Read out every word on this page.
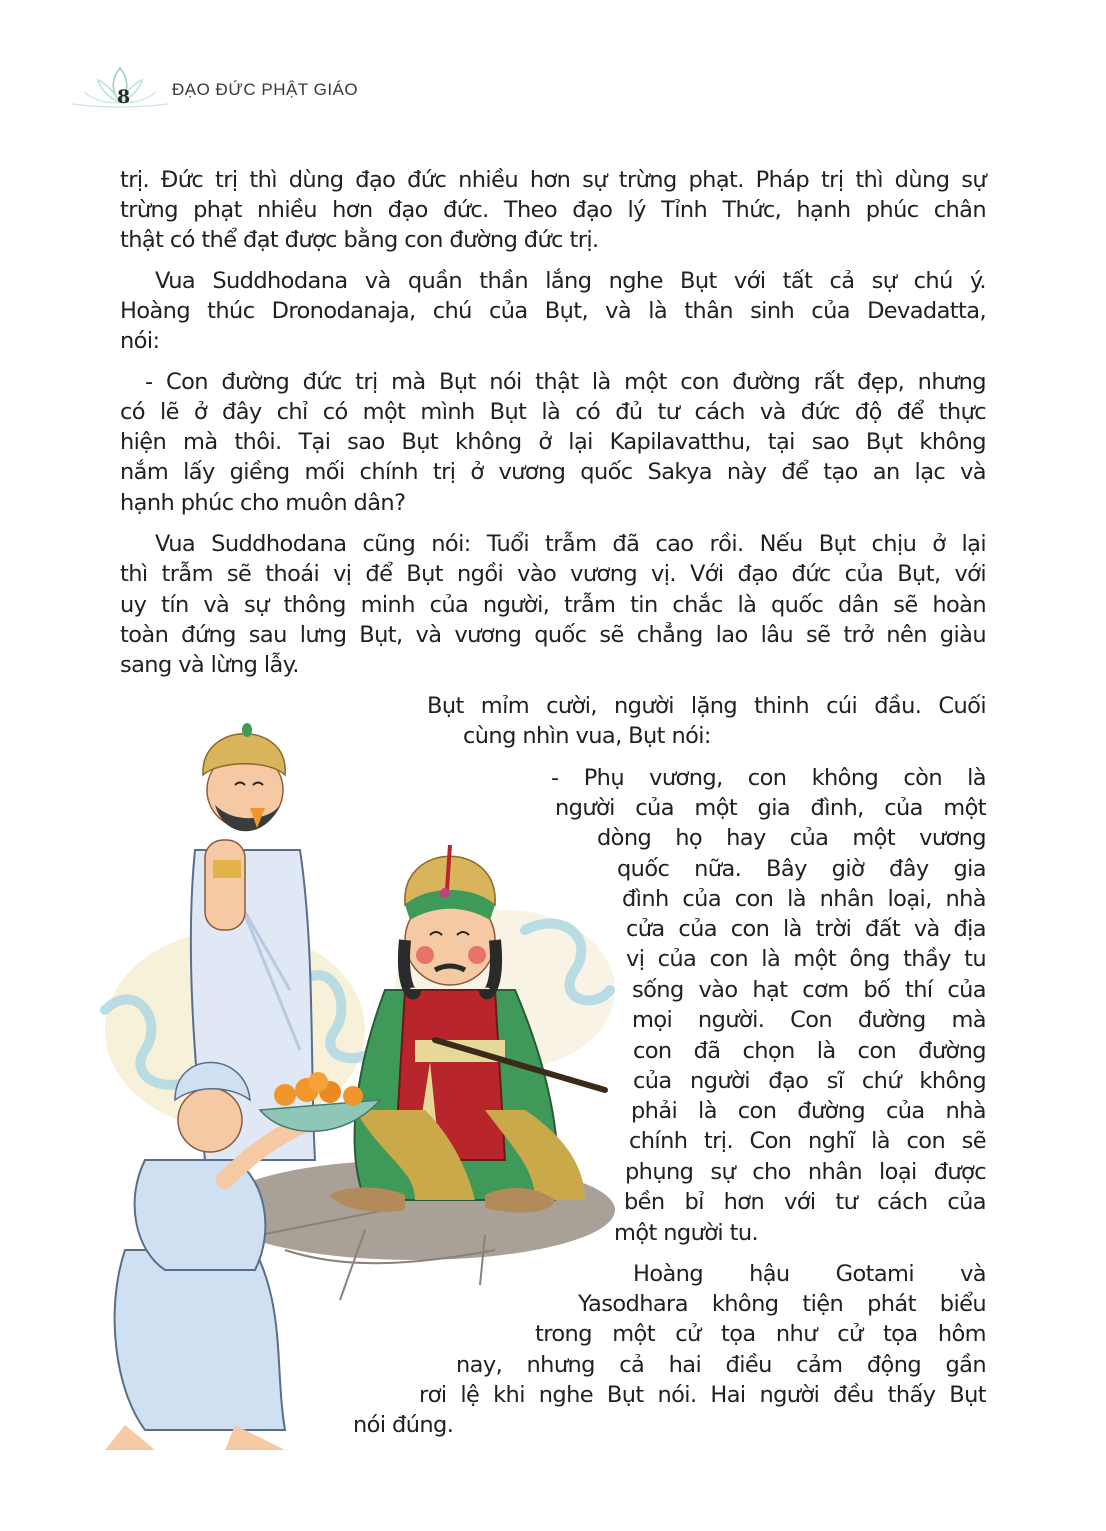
8 ĐẠO ĐỨC PHẬT GIÁO
trị. Đức trị thì dùng đạo đức nhiều hơn sự trừng phạt. Pháp trị thì dùng sự
trừng phạt nhiều hơn đạo đức. Theo đạo lý Tỉnh Thức, hạnh phúc chân
thật có thể đạt được bằng con đường đức trị.
Vua Suddhodana và quần thần lắng nghe Bụt với tất cả sự chú ý.
Hoàng thúc Dronodanaja, chú của Bụt, và là thân sinh của Devadatta,
nói:
- Con đường đức trị mà Bụt nói thật là một con đường rất đẹp, nhưng
có lẽ ở đây chỉ có một mình Bụt là có đủ tư cách và đức độ để thực
hiện mà thôi. Tại sao Bụt không ở lại Kapilavatthu, tại sao Bụt không
nắm lấy giềng mối chính trị ở vương quốc Sakya này để tạo an lạc và
hạnh phúc cho muôn dân?
Vua Suddhodana cũng nói: Tuổi trẫm đã cao rồi. Nếu Bụt chịu ở lại
thì trẫm sẽ thoái vị để Bụt ngồi vào vương vị. Với đạo đức của Bụt, với
uy tín và sự thông minh của người, trẫm tin chắc là quốc dân sẽ hoàn
toàn đứng sau lưng Bụt, và vương quốc sẽ chẳng lao lâu sẽ trở nên giàu
sang và lừng lẫy.
Bụt mỉm cười, người lặng thinh cúi đầu. Cuối
cùng nhìn vua, Bụt nói:
- Phụ vương, con không còn là
người của một gia đình, của một
dòng họ hay của một vương
quốc nữa. Bây giờ đây gia
đình của con là nhân loại, nhà
cửa của con là trời đất và địa
vị của con là một ông thầy tu
sống vào hạt cơm bố thí của
mọi người. Con đường mà
con đã chọn là con đường
của người đạo sĩ chứ không
phải là con đường của nhà
chính trị. Con nghĩ là con sẽ
phụng sự cho nhân loại được
bền bỉ hơn với tư cách của
một người tu.
Hoàng hậu Gotami và
Yasodhara không tiện phát biểu
trong một cử tọa như cử tọa hôm
nay, nhưng cả hai điều cảm động gần
rơi lệ khi nghe Bụt nói. Hai người đều thấy Bụt
nói đúng.
